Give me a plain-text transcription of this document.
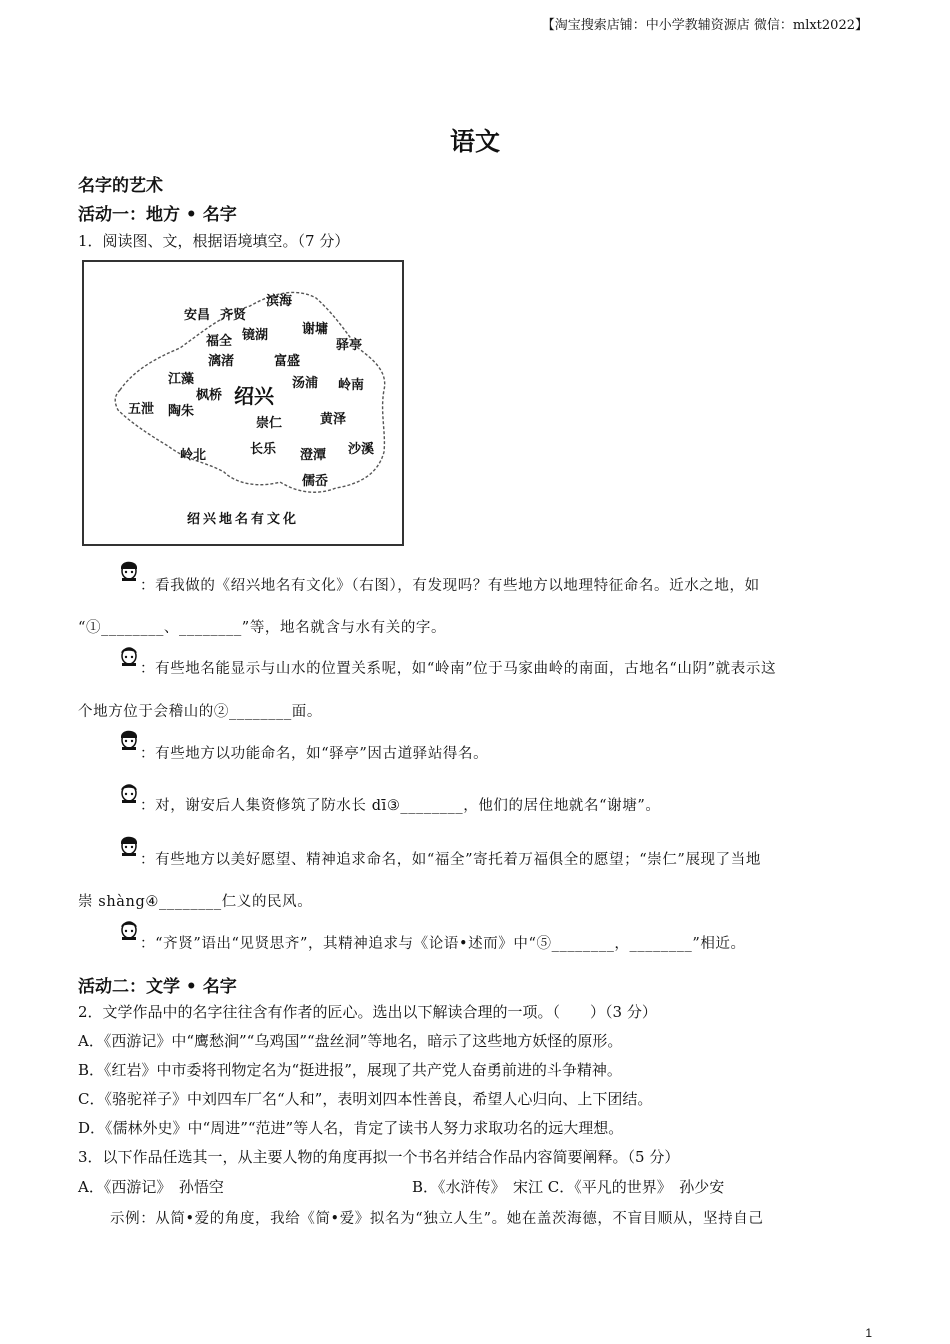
【淘宝搜索店铺：中小学教辅资源店 微信：mlxt2022】
语文
名字的艺术
活动一：地方 • 名字
1．阅读图、文，根据语境填空。（7 分）
安昌 齐贤
滨海
福全 镜湖	谢墉
驿亭
漓渚	富盛
汤浦 岭南
江藻
枫桥 绍兴
五泄 陶朱
崇仁	黄泽
岭北	长乐 澄潭 沙溪
儒岙
绍兴地名有文化
：看我做的《绍兴地名有文化》（右图），有发现吗？有些地方以地理特征命名。近水之地，如
“①________、________”等，地名就含与水有关的字。
：有些地名能显示与山水的位置关系呢，如“岭南”位于马家曲岭的南面，古地名“山阴”就表示这
个地方位于会稽山的②________面。
：有些地方以功能命名，如“驿亭”因古道驿站得名。
：对，谢安后人集资修筑了防水长 dī③________，他们的居住地就名“谢塘”。
：有些地方以美好愿望、精神追求命名，如“福全”寄托着万福俱全的愿望；“崇仁”展现了当地
崇 shàng④________仁义的民风。
：“齐贤”语出“见贤思齐”，其精神追求与《论语•述而》中“⑤________，________”相近。
活动二：文学 • 名字
2．文学作品中的名字往往含有作者的匠心。选出以下解读合理的一项。（　　）（3 分）
A．《西游记》中“鹰愁涧”“乌鸡国”“盘丝洞”等地名，暗示了这些地方妖怪的原形。
B．《红岩》中市委将刊物定名为“挺进报”，展现了共产党人奋勇前进的斗争精神。
C．《骆驼祥子》中刘四车厂名“人和”，表明刘四本性善良，希望人心归向、上下团结。
D．《儒林外史》中“周进”“范进”等人名，肯定了读书人努力求取功名的远大理想。
3．以下作品任选其一，从主要人物的角度再拟一个书名并结合作品内容简要阐释。（5 分）
A．《西游记》　孙悟空	B．《水浒传》　宋江 C．《平凡的世界》　孙少安
示例：从简•爱的角度，我给《简•爱》拟名为“独立人生”。她在盖茨海德，不盲目顺从，坚持自己
1
